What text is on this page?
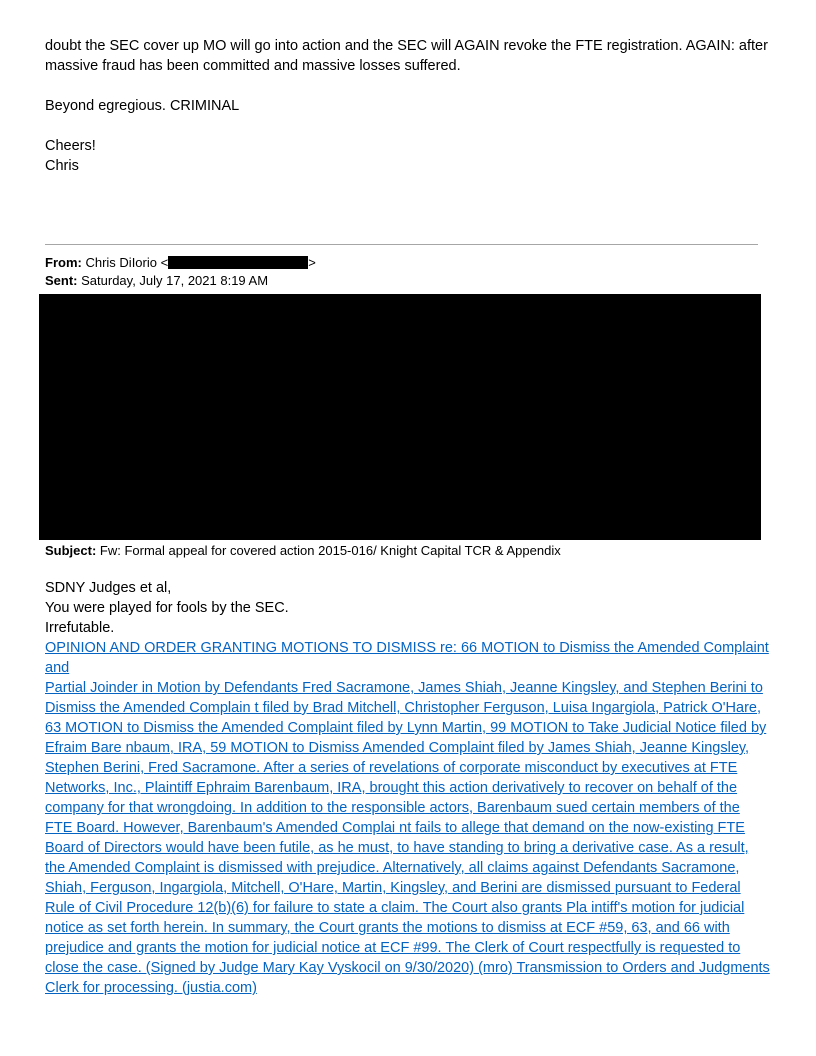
doubt the SEC cover up MO will go into action and the SEC will AGAIN revoke the FTE registration. AGAIN: after
massive fraud has been committed and massive losses suffered.

Beyond egregious. CRIMINAL

Cheers!
Chris

From: Chris DiIorio <	>
Sent: Saturday, July 17, 2021 8:19 AM
Subject: Fw: Formal appeal for covered action 2015-016/ Knight Capital TCR & Appendix

SDNY Judges et al,
You were played for fools by the SEC.
Irrefutable.

OPINION AND ORDER GRANTING MOTIONS TO DISMISS re: 66 MOTION to Dismiss the Amended Complaint and
Partial Joinder in Motion by Defendants Fred Sacramone, James Shiah, Jeanne Kingsley, and Stephen Berini to
Dismiss the Amended Complain t filed by Brad Mitchell, Christopher Ferguson, Luisa Ingargiola, Patrick O'Hare,
63 MOTION to Dismiss the Amended Complaint filed by Lynn Martin, 99 MOTION to Take Judicial Notice filed by
Efraim Bare nbaum, IRA, 59 MOTION to Dismiss Amended Complaint filed by James Shiah, Jeanne Kingsley,
Stephen Berini, Fred Sacramone. After a series of revelations of corporate misconduct by executives at FTE
Networks, Inc., Plaintiff Ephraim Barenbaum, IRA, brought this action derivatively to recover on behalf of the
company for that wrongdoing. In addition to the responsible actors, Barenbaum sued certain members of the
FTE Board. However, Barenbaum's Amended Complai nt fails to allege that demand on the now-existing FTE
Board of Directors would have been futile, as he must, to have standing to bring a derivative case. As a result,
the Amended Complaint is dismissed with prejudice. Alternatively, all claims against Defendants Sacramone,
Shiah, Ferguson, Ingargiola, Mitchell, O'Hare, Martin, Kingsley, and Berini are dismissed pursuant to Federal
Rule of Civil Procedure 12(b)(6) for failure to state a claim. The Court also grants Pla intiff's motion for judicial
notice as set forth herein. In summary, the Court grants the motions to dismiss at ECF #59, 63, and 66 with
prejudice and grants the motion for judicial notice at ECF #99. The Clerk of Court respectfully is requested to
close the case. (Signed by Judge Mary Kay Vyskocil on 9/30/2020) (mro) Transmission to Orders and Judgments
Clerk for processing. (justia.com)
